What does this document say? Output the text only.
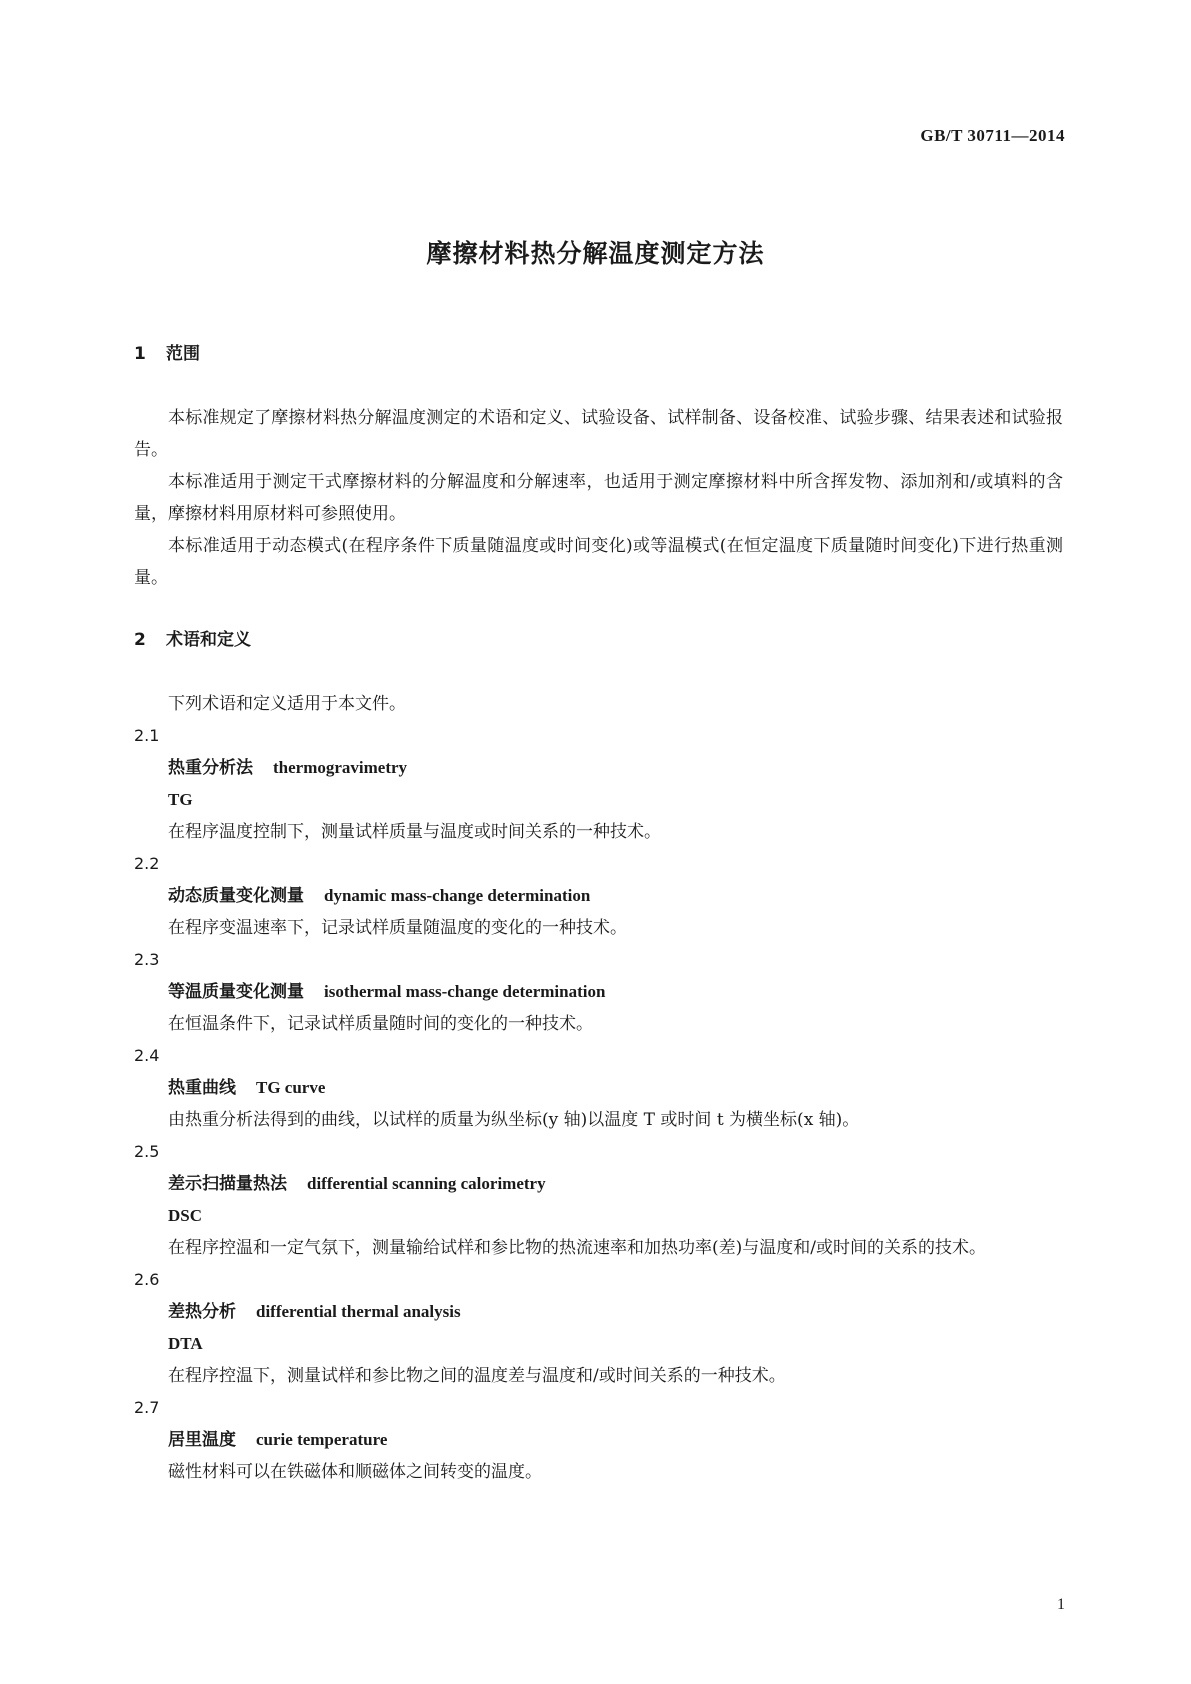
GB/T 30711—2014
摩擦材料热分解温度测定方法
1 范围

本标准规定了摩擦材料热分解温度测定的术语和定义、试验设备、试样制备、设备校准、试验步骤、结果表述和试验报告。

本标准适用于测定干式摩擦材料的分解温度和分解速率，也适用于测定摩擦材料中所含挥发物、添加剂和/或填料的含量，摩擦材料用原材料可参照使用。

本标准适用于动态模式(在程序条件下质量随温度或时间变化)或等温模式(在恒定温度下质量随时间变化)下进行热重测量。

2 术语和定义

下列术语和定义适用于本文件。

2.1
热重分析法 thermogravimetry
TG

在程序温度控制下，测量试样质量与温度或时间关系的一种技术。

2.2
动态质量变化测量 dynamic mass-change determination

在程序变温速率下，记录试样质量随温度的变化的一种技术。

2.3
等温质量变化测量 isothermal mass-change determination

在恒温条件下，记录试样质量随时间的变化的一种技术。

2.4
热重曲线 TG curve

由热重分析法得到的曲线，以试样的质量为纵坐标(y 轴)以温度 T 或时间 t 为横坐标(x 轴)。

2.5
差示扫描量热法 differential scanning calorimetry
DSC

在程序控温和一定气氛下，测量输给试样和参比物的热流速率和加热功率(差)与温度和/或时间的关系的技术。

2.6
差热分析 differential thermal analysis
DTA

在程序控温下，测量试样和参比物之间的温度差与温度和/或时间关系的一种技术。

2.7
居里温度 curie temperature

磁性材料可以在铁磁体和顺磁体之间转变的温度。

1
